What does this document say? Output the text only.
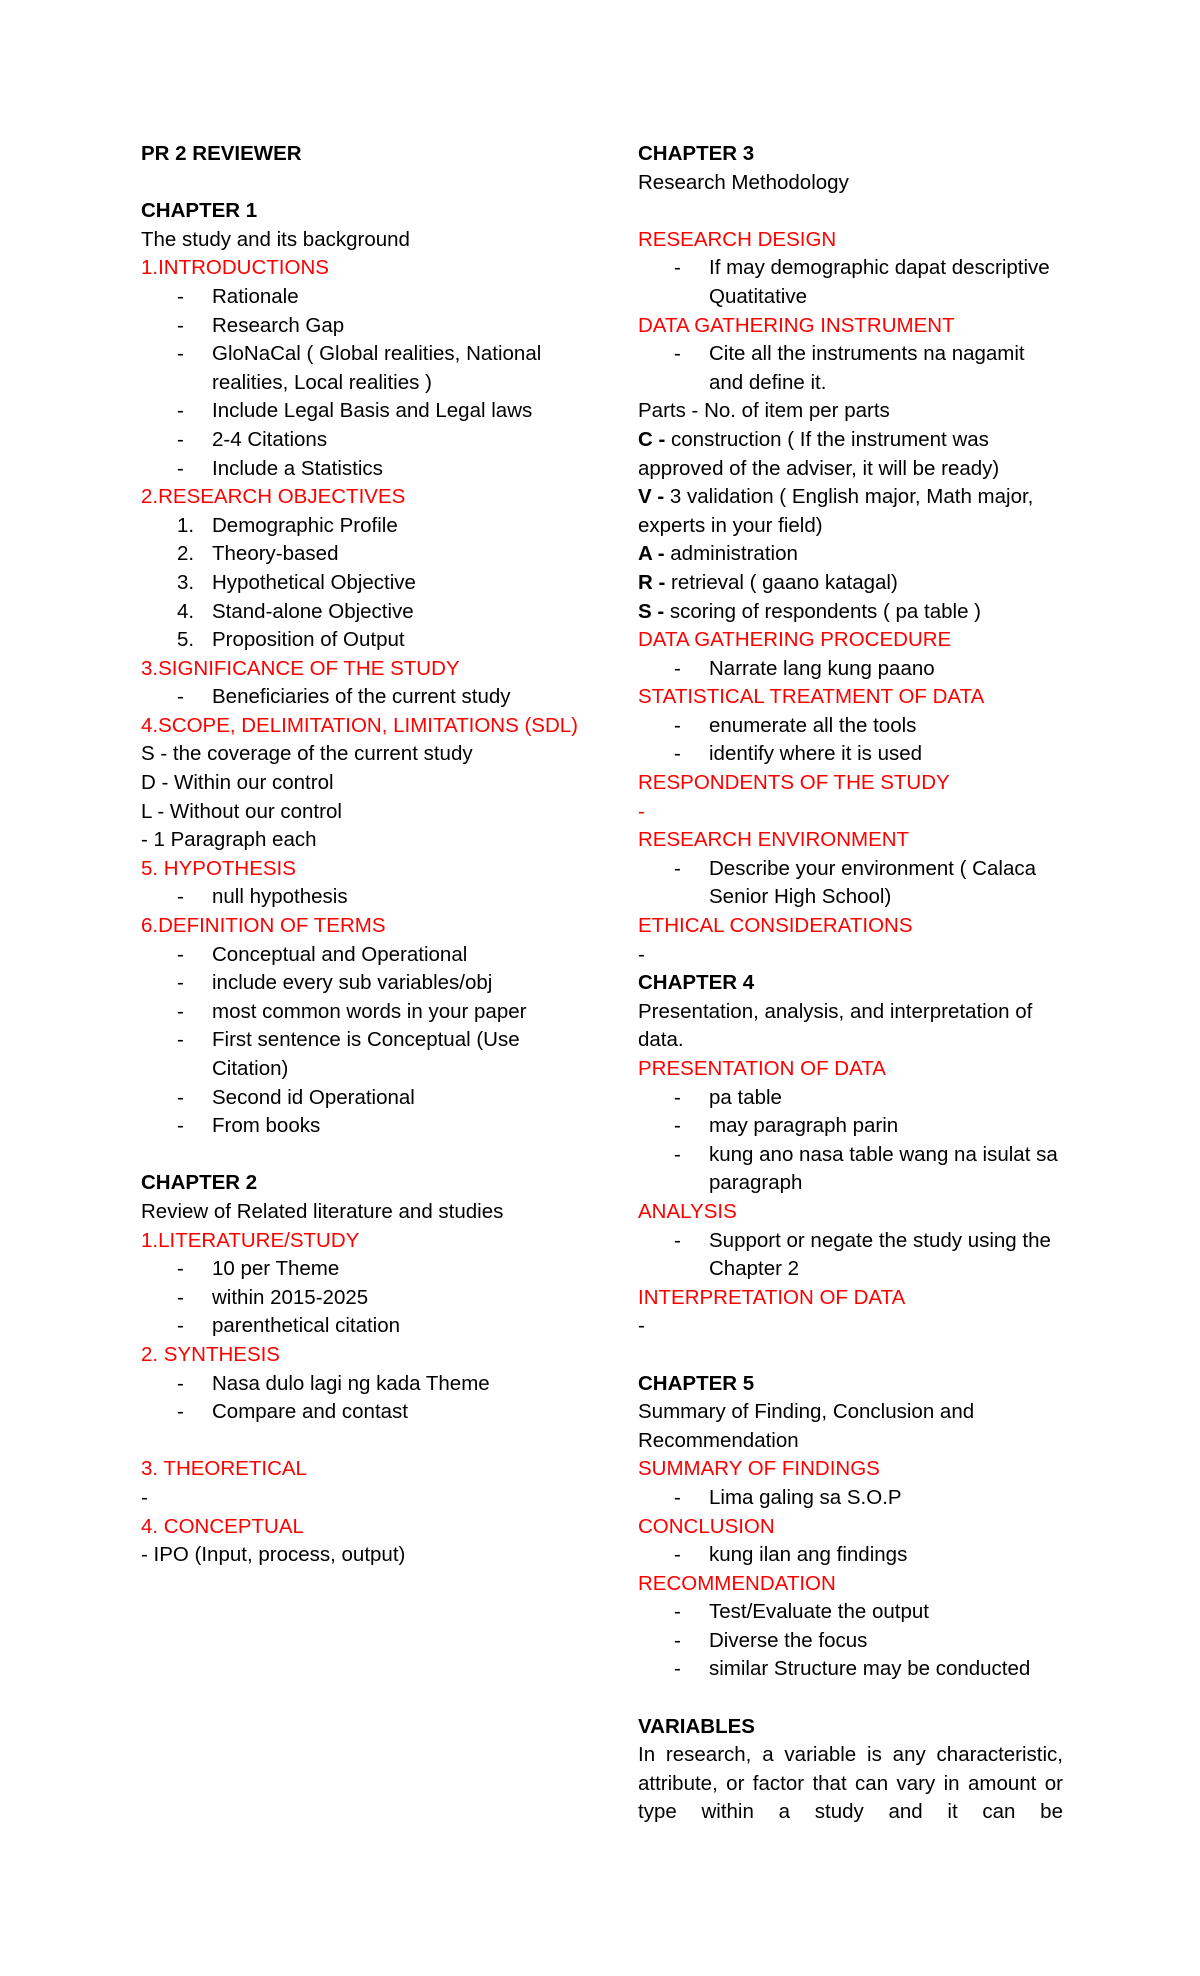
PR 2 REVIEWER
CHAPTER 1
The study and its background
1.INTRODUCTIONS
- Rationale
- Research Gap
- GloNaCal ( Global realities, National realities, Local realities )
- Include Legal Basis and Legal laws
- 2-4 Citations
- Include a Statistics
2.RESEARCH OBJECTIVES
1. Demographic Profile
2. Theory-based
3. Hypothetical Objective
4. Stand-alone Objective
5. Proposition of Output
3.SIGNIFICANCE OF THE STUDY
- Beneficiaries of the current study
4.SCOPE, DELIMITATION, LIMITATIONS (SDL)
S - the coverage of the current study
D - Within our control
L - Without our control
- 1 Paragraph each
5. HYPOTHESIS
- null hypothesis
6.DEFINITION OF TERMS
- Conceptual and Operational
- include every sub variables/obj
- most common words in your paper
- First sentence is Conceptual (Use Citation)
- Second id Operational
- From books
CHAPTER 2
Review of Related literature and studies
1.LITERATURE/STUDY
- 10 per Theme
- within 2015-2025
- parenthetical citation
2. SYNTHESIS
- Nasa dulo lagi ng kada Theme
- Compare and contast
3. THEORETICAL
-
4. CONCEPTUAL
- IPO (Input, process, output)
CHAPTER 3
Research Methodology
RESEARCH DESIGN
- If may demographic dapat descriptive Quatitative
DATA GATHERING INSTRUMENT
- Cite all the instruments na nagamit and define it.
Parts - No. of item per parts
C - construction ( If the instrument was approved of the adviser, it will be ready)
V - 3 validation ( English major, Math major, experts in your field)
A - administration
R - retrieval ( gaano katagal)
S - scoring of respondents ( pa table )
DATA GATHERING PROCEDURE
- Narrate lang kung paano
STATISTICAL TREATMENT OF DATA
- enumerate all the tools
- identify where it is used
RESPONDENTS OF THE STUDY
-
RESEARCH ENVIRONMENT
- Describe your environment ( Calaca Senior High School)
ETHICAL CONSIDERATIONS
-
CHAPTER 4
Presentation, analysis, and interpretation of data.
PRESENTATION OF DATA
- pa table
- may paragraph parin
- kung ano nasa table wang na isulat sa paragraph
ANALYSIS
- Support or negate the study using the Chapter 2
INTERPRETATION OF DATA
-
CHAPTER 5
Summary of Finding, Conclusion and Recommendation
SUMMARY OF FINDINGS
- Lima galing sa S.O.P
CONCLUSION
- kung ilan ang findings
RECOMMENDATION
- Test/Evaluate the output
- Diverse the focus
- similar Structure may be conducted
VARIABLES
In research, a variable is any characteristic, attribute, or factor that can vary in amount or type within a study and it can be
